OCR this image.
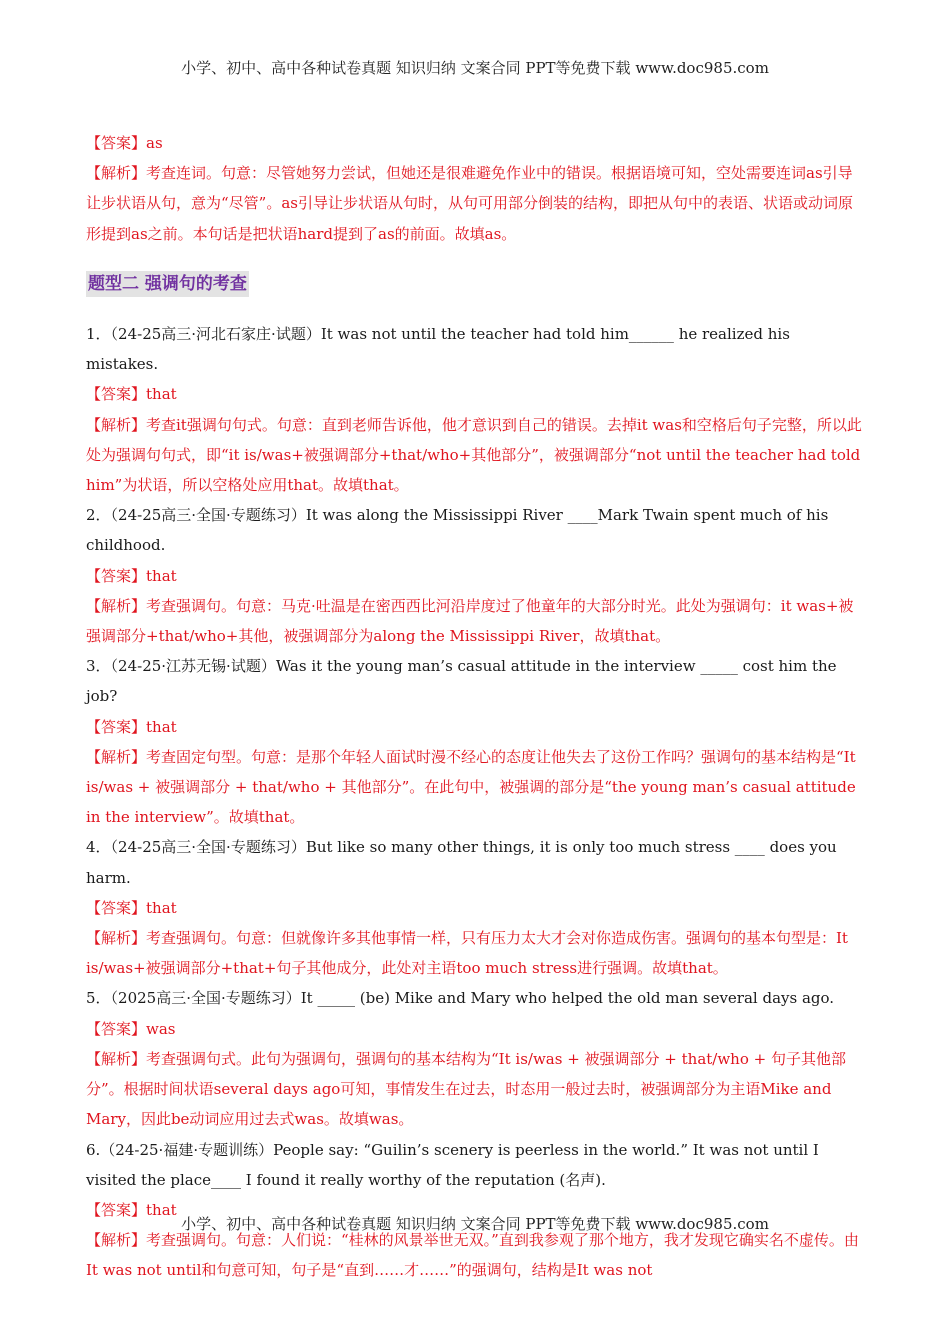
小学、初中、高中各种试卷真题 知识归纳 文案合同 PPT等免费下载 www.doc985.com

【答案】as

【解析】考查连词。句意：尽管她努力尝试，但她还是很难避免作业中的错误。根据语境可知，空处需要连词as引导让步状语从句，意为“尽管”。as引导让步状语从句时，从句可用部分倒装的结构，即把从句中的表语、状语或动词原形提到as之前。本句话是把状语hard提到了as的前面。故填as。

题型二 强调句的考查

1．（24-25高三·河北石家庄·试题）It was not until the teacher had told him______ he realized his mistakes.

【答案】that

【解析】考查it强调句句式。句意：直到老师告诉他，他才意识到自己的错误。去掉it was和空格后句子完整，所以此处为强调句句式，即“it is/was+被强调部分+that/who+其他部分”，被强调部分“not until the teacher had told him”为状语，所以空格处应用that。故填that。

2．（24-25高三·全国·专题练习）It was along the Mississippi River ____Mark Twain spent much of his childhood.

【答案】that

【解析】考查强调句。句意：马克·吐温是在密西西比河沿岸度过了他童年的大部分时光。此处为强调句：it was+被强调部分+that/who+其他，被强调部分为along the Mississippi River，故填that。

3．（24-25·江苏无锡·试题）Was it the young man’s casual attitude in the interview _____ cost him the job?

【答案】that

【解析】考查固定句型。句意：是那个年轻人面试时漫不经心的态度让他失去了这份工作吗？强调句的基本结构是“It is/was + 被强调部分 + that/who + 其他部分”。在此句中，被强调的部分是“the young man’s casual attitude in the interview”。故填that。

4．（24-25高三·全国·专题练习）But like so many other things, it is only too much stress ____ does you harm.

【答案】that

【解析】考查强调句。句意：但就像许多其他事情一样，只有压力太大才会对你造成伤害。强调句的基本句型是：It is/was+被强调部分+that+句子其他成分，此处对主语too much stress进行强调。故填that。

5．（2025高三·全国·专题练习）It _____ (be) Mike and Mary who helped the old man several days ago.

【答案】was

【解析】考查强调句式。此句为强调句，强调句的基本结构为“It is/was + 被强调部分 + that/who + 句子其他部分”。根据时间状语several days ago可知，事情发生在过去，时态用一般过去时，被强调部分为主语Mike and Mary，因此be动词应用过去式was。故填was。

6.（24-25·福建·专题训练）People say: “Guilin’s scenery is peerless in the world.” It was not until I visited the place____ I found it really worthy of the reputation (名声).

【答案】that

【解析】考查强调句。句意：人们说：“桂林的风景举世无双。”直到我参观了那个地方，我才发现它确实名不虚传。由It was not until和句意可知，句子是“直到……才……”的强调句，结构是It was not

小学、初中、高中各种试卷真题 知识归纳 文案合同 PPT等免费下载 www.doc985.com
